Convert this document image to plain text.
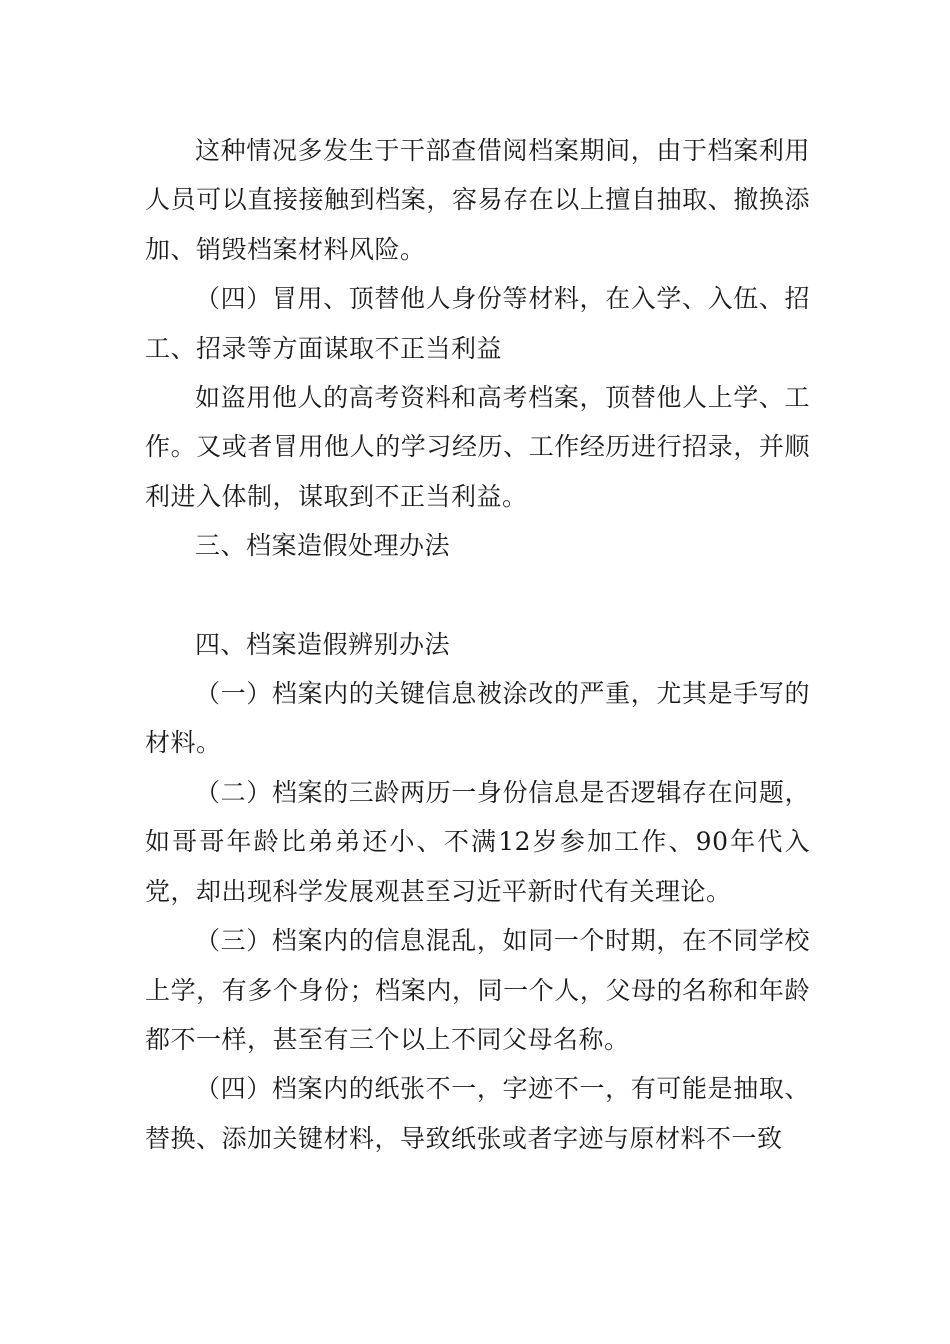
这种情况多发生于干部查借阅档案期间，由于档案利用人员可以直接接触到档案，容易存在以上擅自抽取、撤换添加、销毁档案材料风险。

（四）冒用、顶替他人身份等材料，在入学、入伍、招工、招录等方面谋取不正当利益

如盗用他人的高考资料和高考档案，顶替他人上学、工作。又或者冒用他人的学习经历、工作经历进行招录，并顺利进入体制，谋取到不正当利益。

三、档案造假处理办法

四、档案造假辨别办法

（一）档案内的关键信息被涂改的严重，尤其是手写的材料。

（二）档案的三龄两历一身份信息是否逻辑存在问题，如哥哥年龄比弟弟还小、不满12岁参加工作、90年代入党，却出现科学发展观甚至习近平新时代有关理论。

（三）档案内的信息混乱，如同一个时期，在不同学校上学，有多个身份；档案内，同一个人，父母的名称和年龄都不一样，甚至有三个以上不同父母名称。

（四）档案内的纸张不一，字迹不一，有可能是抽取、替换、添加关键材料，导致纸张或者字迹与原材料不一致
